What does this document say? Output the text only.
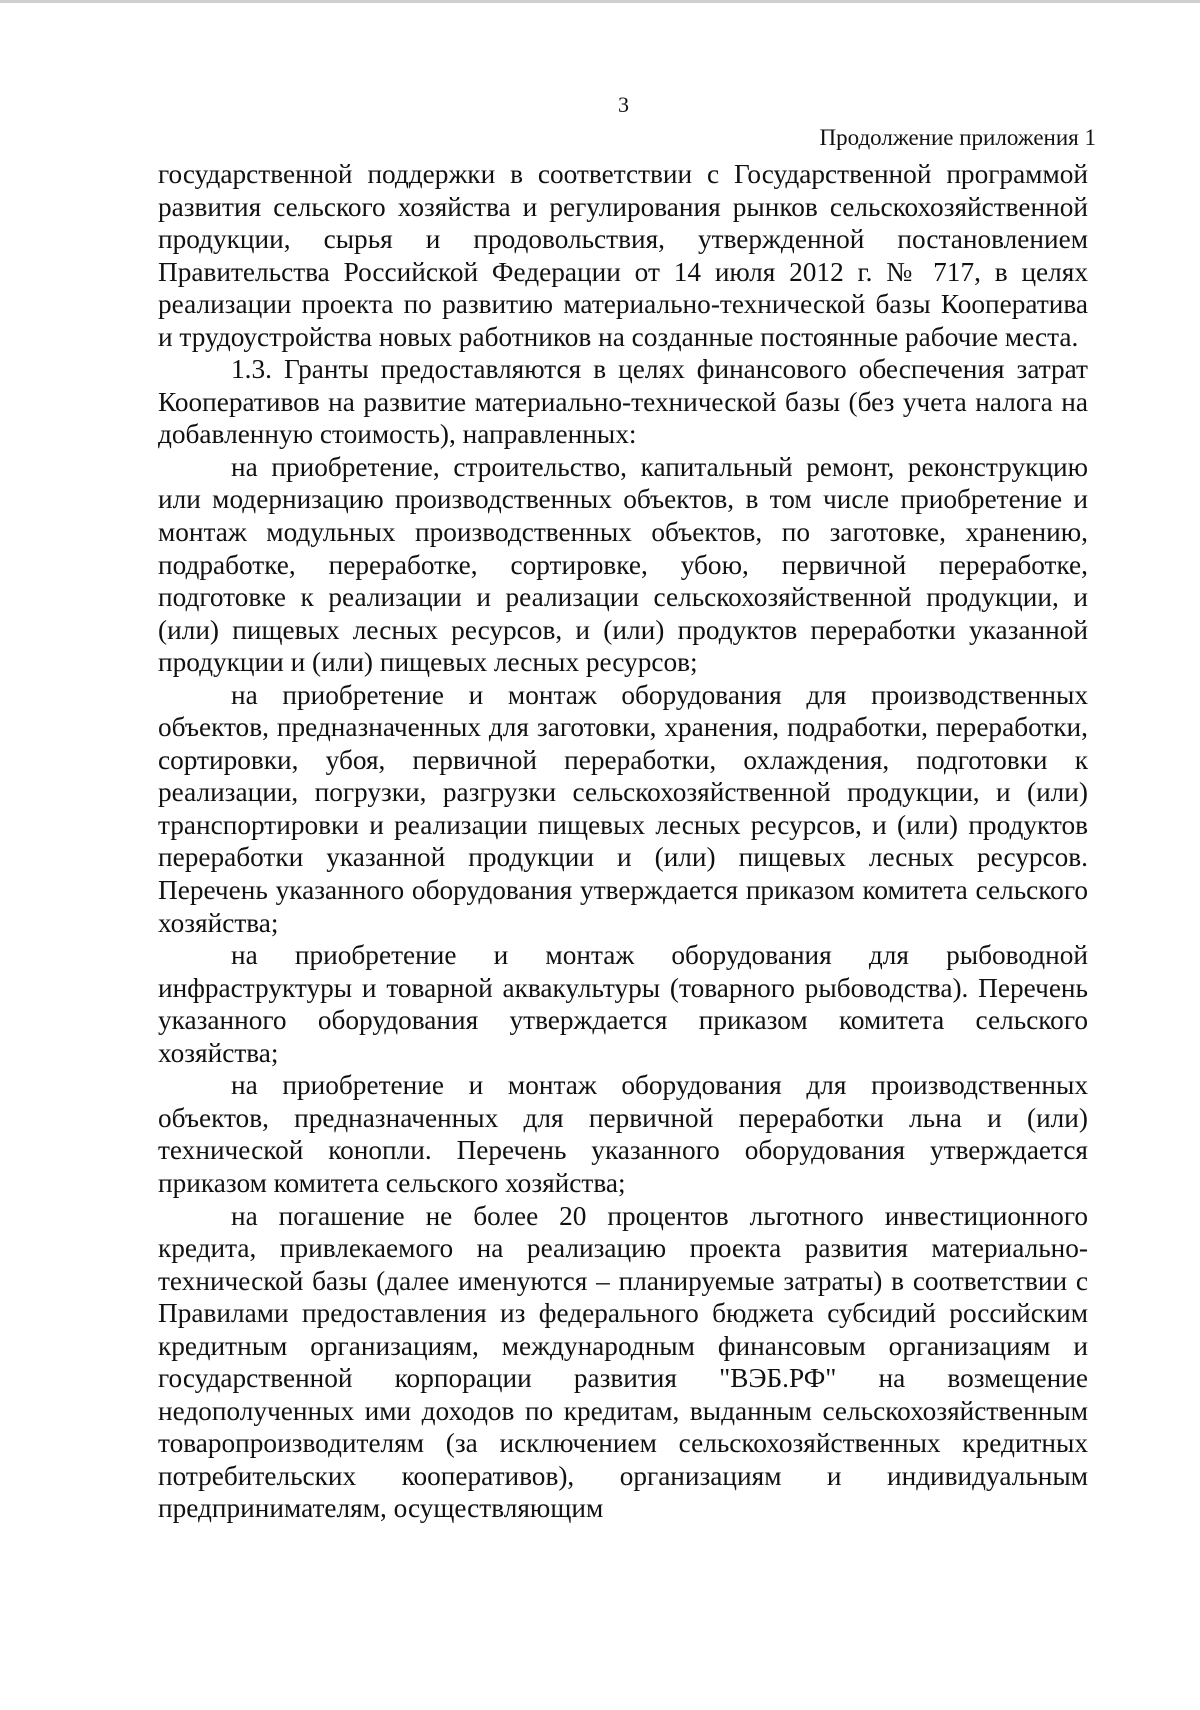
3
Продолжение приложения 1

государственной поддержки в соответствии с Государственной программой развития сельского хозяйства и регулирования рынков сельскохозяйственной продукции, сырья и продовольствия, утвержденной постановлением Правительства Российской Федерации от 14 июля 2012 г. № 717, в целях реализации проекта по развитию материально-технической базы Кооператива и трудоустройства новых работников на созданные постоянные рабочие места.

1.3. Гранты предоставляются в целях финансового обеспечения затрат Кооперативов на развитие материально-технической базы (без учета налога на добавленную стоимость), направленных:

на приобретение, строительство, капитальный ремонт, реконструкцию или модернизацию производственных объектов, в том числе приобретение и монтаж модульных производственных объектов, по заготовке, хранению, подработке, переработке, сортировке, убою, первичной переработке, подготовке к реализации и реализации сельскохозяйственной продукции, и (или) пищевых лесных ресурсов, и (или) продуктов переработки указанной продукции и (или) пищевых лесных ресурсов;

на приобретение и монтаж оборудования для производственных объектов, предназначенных для заготовки, хранения, подработки, переработки, сортировки, убоя, первичной переработки, охлаждения, подготовки к реализации, погрузки, разгрузки сельскохозяйственной продукции, и (или) транспортировки и реализации пищевых лесных ресурсов, и (или) продуктов переработки указанной продукции и (или) пищевых лесных ресурсов. Перечень указанного оборудования утверждается приказом комитета сельского хозяйства;

на приобретение и монтаж оборудования для рыбоводной инфраструктуры и товарной аквакультуры (товарного рыбоводства). Перечень указанного оборудования утверждается приказом комитета сельского хозяйства;

на приобретение и монтаж оборудования для производственных объектов, предназначенных для первичной переработки льна и (или) технической конопли. Перечень указанного оборудования утверждается приказом комитета сельского хозяйства;

на погашение не более 20 процентов льготного инвестиционного кредита, привлекаемого на реализацию проекта развития материально-технической базы (далее именуются – планируемые затраты) в соответствии с Правилами предоставления из федерального бюджета субсидий российским кредитным организациям, международным финансовым организациям и государственной корпорации развития "ВЭБ.РФ" на возмещение недополученных ими доходов по кредитам, выданным сельскохозяйственным товаропроизводителям (за исключением сельскохозяйственных кредитных потребительских кооперативов), организациям и индивидуальным предпринимателям, осуществляющим
